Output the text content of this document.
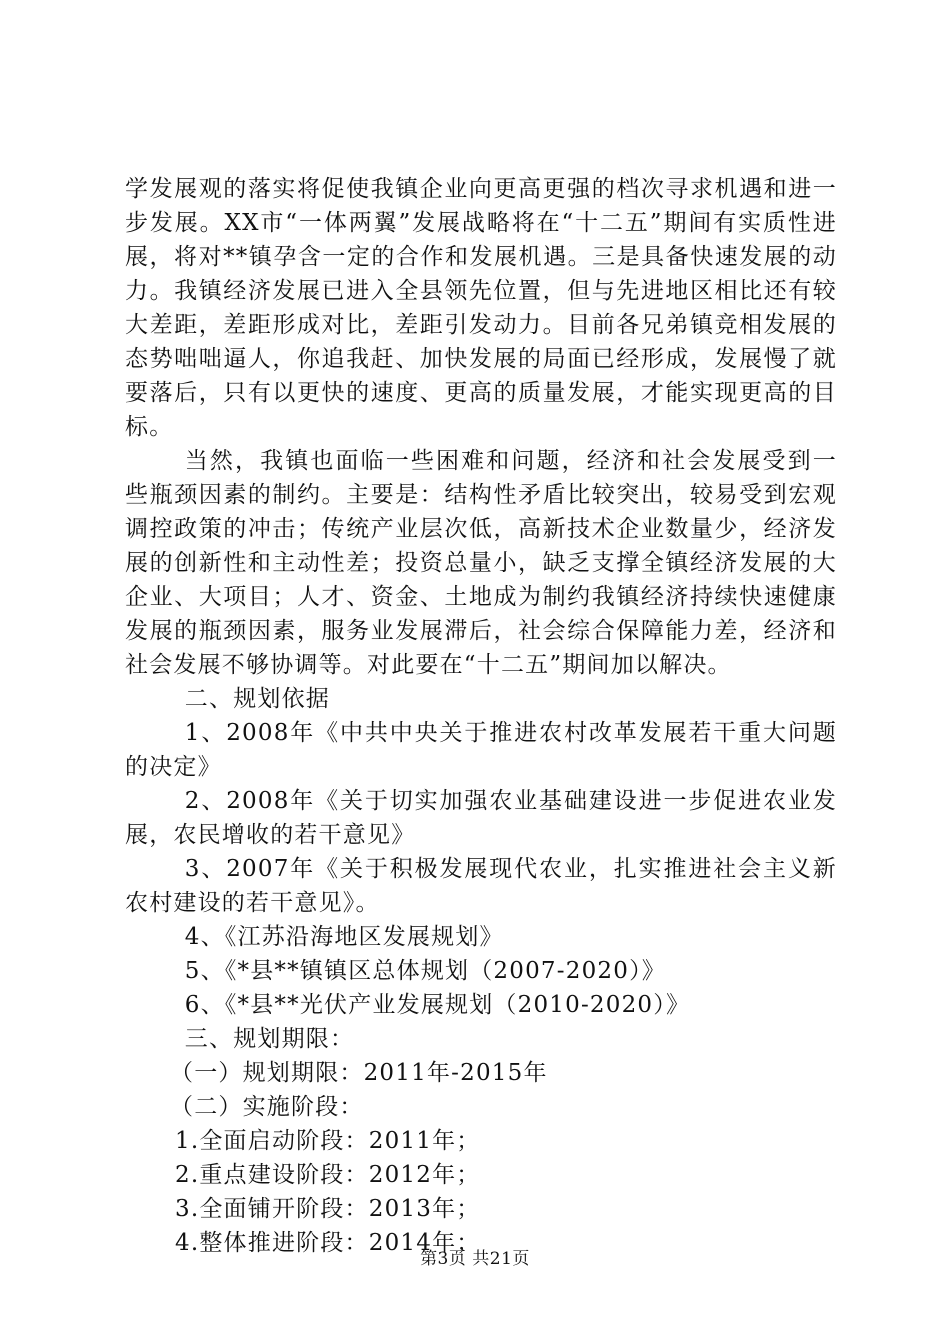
学发展观的落实将促使我镇企业向更高更强的档次寻求机遇和进一步发展。XX市“一体两翼”发展战略将在“十二五”期间有实质性进展，将对**镇孕含一定的合作和发展机遇。三是具备快速发展的动力。我镇经济发展已进入全县领先位置，但与先进地区相比还有较大差距，差距形成对比，差距引发动力。目前各兄弟镇竞相发展的态势咄咄逼人，你追我赶、加快发展的局面已经形成，发展慢了就要落后，只有以更快的速度、更高的质量发展，才能实现更高的目标。

当然，我镇也面临一些困难和问题，经济和社会发展受到一些瓶颈因素的制约。主要是：结构性矛盾比较突出，较易受到宏观调控政策的冲击；传统产业层次低，高新技术企业数量少，经济发展的创新性和主动性差；投资总量小，缺乏支撑全镇经济发展的大企业、大项目；人才、资金、土地成为制约我镇经济持续快速健康发展的瓶颈因素，服务业发展滞后，社会综合保障能力差，经济和社会发展不够协调等。对此要在“十二五”期间加以解决。

二、规划依据

1、2008年《中共中央关于推进农村改革发展若干重大问题的决定》

2、2008年《关于切实加强农业基础建设进一步促进农业发展，农民增收的若干意见》

3、2007年《关于积极发展现代农业，扎实推进社会主义新农村建设的若干意见》。

4、《江苏沿海地区发展规划》

5、《*县**镇镇区总体规划（2007-2020）》

6、《*县**光伏产业发展规划（2010-2020）》

三、规划期限：

（一）规划期限：2011年-2015年

（二）实施阶段：

1.全面启动阶段：2011年；

2.重点建设阶段：2012年；

3.全面铺开阶段：2013年；

4.整体推进阶段：2014年；

第3页 共21页
